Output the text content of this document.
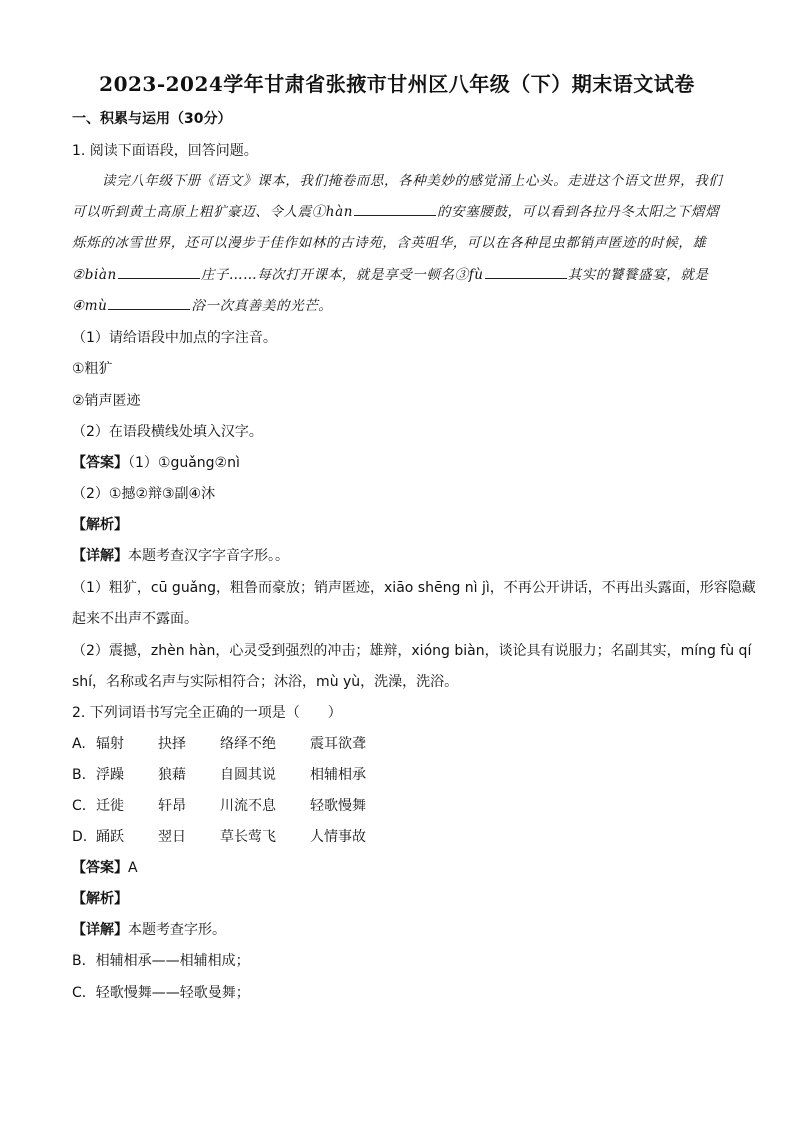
2023-2024学年甘肃省张掖市甘州区八年级（下）期末语文试卷
一、积累与运用（30分）
1. 阅读下面语段，回答问题。
读完八年级下册《语文》课本，我们掩卷而思，各种美妙的感觉涌上心头。走进这个语文世界，我们
可以听到黄土高原上粗犷豪迈、令人震①hàn	的安塞腰鼓，可以看到各拉丹冬太阳之下熠熠
烁烁的冰雪世界，还可以漫步于佳作如林的古诗苑，含英咀华，可以在各种昆虫都销声匿迹的时候，雄
②biàn	庄子……每次打开课本，就是享受一顿名③fù	其实的饕餮盛宴，就是
④mù	浴一次真善美的光芒。
（1）请给语段中加点的字注音。
①粗犷
②销声匿迹
（2）在语段横线处填入汉字。
【答案】（1）①guǎng②nì
（2）①撼②辩③副④沐
【解析】
【详解】本题考查汉字字音字形。。
（1）粗犷，cū guǎng，粗鲁而豪放；销声匿迹，xiāo shēng nì jì，不再公开讲话，不再出头露面，形容隐藏
起来不出声不露面。
（2）震撼，zhèn hàn，心灵受到强烈的冲击；雄辩，xióng biàn，谈论具有说服力；名副其实，míng fù qí
shí，名称或名声与实际相符合；沐浴，mù yù，洗澡，洗浴。
2. 下列词语书写完全正确的一项是（　　）
A. 辐射 抉择 络绎不绝 震耳欲聋
B. 浮躁 狼藉 自圆其说 相辅相承
C. 迁徙 轩昂 川流不息 轻歌慢舞
D. 踊跃 翌日 草长莺飞 人情事故
【答案】A
【解析】
【详解】本题考查字形。
B．相辅相承——相辅相成；
C．轻歌慢舞——轻歌曼舞；
